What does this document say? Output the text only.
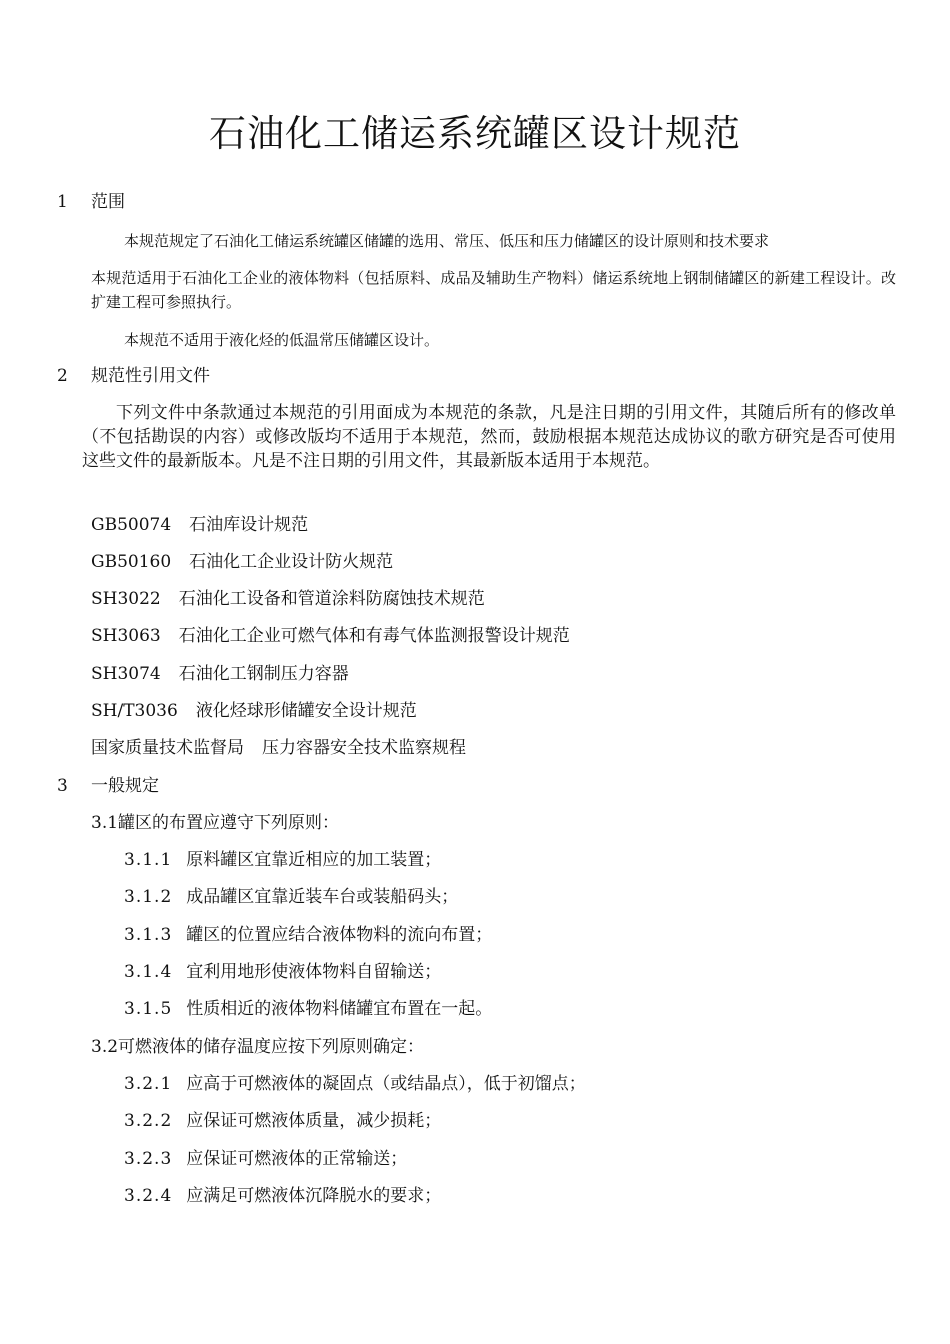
石油化工储运系统罐区设计规范
1 范围
本规范规定了石油化工储运系统罐区储罐的选用、常压、低压和压力储罐区的设计原则和技术要求
本规范适用于石油化工企业的液体物料（包括原料、成品及辅助生产物料）储运系统地上钢制储罐区的新建工程设计。改扩建工程可参照执行。
本规范不适用于液化烃的低温常压储罐区设计。
2 规范性引用文件
下列文件中条款通过本规范的引用面成为本规范的条款，凡是注日期的引用文件，其随后所有的修改单（不包括勘误的内容）或修改版均不适用于本规范，然而，鼓励根据本规范达成协议的歌方研究是否可使用这些文件的最新版本。凡是不注日期的引用文件，其最新版本适用于本规范。
GB50074 石油库设计规范
GB50160 石油化工企业设计防火规范
SH3022 石油化工设备和管道涂料防腐蚀技术规范
SH3063 石油化工企业可燃气体和有毒气体监测报警设计规范
SH3074 石油化工钢制压力容器
SH/T3036 液化烃球形储罐安全设计规范
国家质量技术监督局 压力容器安全技术监察规程
3 一般规定
3.1罐区的布置应遵守下列原则：
3.1.1 原料罐区宜靠近相应的加工装置；
3.1.2 成品罐区宜靠近装车台或装船码头；
3.1.3 罐区的位置应结合液体物料的流向布置；
3.1.4 宜利用地形使液体物料自留输送；
3.1.5 性质相近的液体物料储罐宜布置在一起。
3.2可燃液体的储存温度应按下列原则确定：
3.2.1 应高于可燃液体的凝固点（或结晶点），低于初馏点；
3.2.2 应保证可燃液体质量，减少损耗；
3.2.3 应保证可燃液体的正常输送；
3.2.4 应满足可燃液体沉降脱水的要求；
